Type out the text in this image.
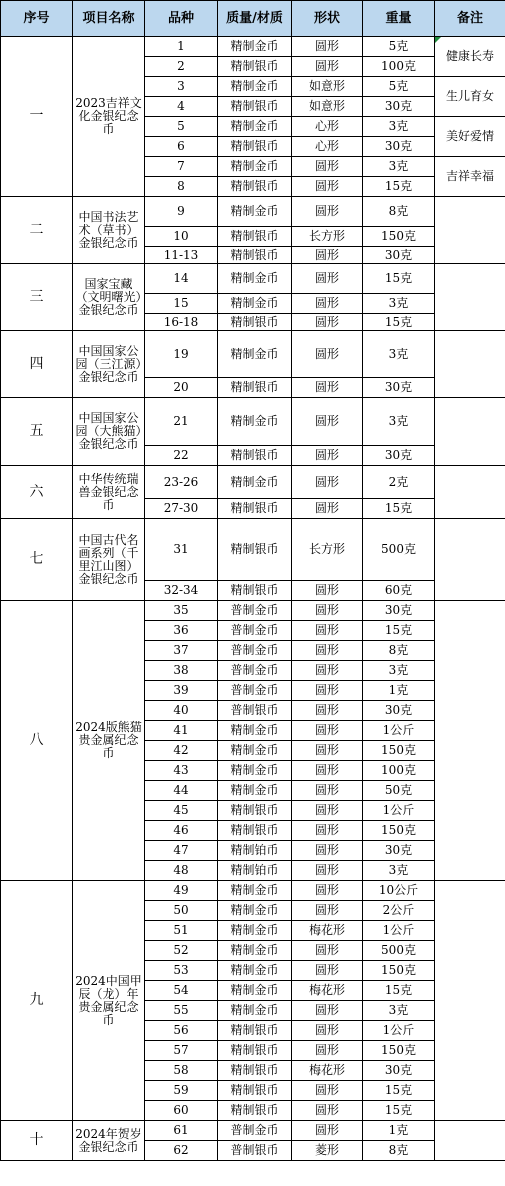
序号	项目名称	品种	质量/材质	形状	重量	备注
一	2023吉祥文化金银纪念币	1	精制金币	圆形	5克	健康长寿
		2	精制银币	圆形	100克	
		3	精制金币	如意形	5克	生儿育女
		4	精制银币	如意形	30克	
		5	精制金币	心形	3克	美好爱情
		6	精制银币	心形	30克	
		7	精制金币	圆形	3克	吉祥幸福
		8	精制银币	圆形	15克	
二	中国书法艺术（草书）金银纪念币	9	精制金币	圆形	8克	
		10	精制银币	长方形	150克	
		11-13	精制银币	圆形	30克	
三	国家宝藏（文明曙光）金银纪念币	14	精制金币	圆形	15克	
		15	精制金币	圆形	3克	
		16-18	精制银币	圆形	15克	
四	中国国家公园（三江源）金银纪念币	19	精制金币	圆形	3克	
		20	精制银币	圆形	30克	
五	中国国家公园（大熊猫）金银纪念币	21	精制金币	圆形	3克	
		22	精制银币	圆形	30克	
六	中华传统瑞兽金银纪念币	23-26	精制金币	圆形	2克	
		27-30	精制银币	圆形	15克	
七	中国古代名画系列（千里江山图）金银纪念币	31	精制银币	长方形	500克	
		32-34	精制银币	圆形	60克	
八	2024版熊猫贵金属纪念币	35	普制金币	圆形	30克	
		36	普制金币	圆形	15克	
		37	普制金币	圆形	8克	
		38	普制金币	圆形	3克	
		39	普制金币	圆形	1克	
		40	普制银币	圆形	30克	
		41	精制金币	圆形	1公斤	
		42	精制金币	圆形	150克	
		43	精制金币	圆形	100克	
		44	精制金币	圆形	50克	
		45	精制银币	圆形	1公斤	
		46	精制银币	圆形	150克	
		47	精制铂币	圆形	30克	
		48	精制铂币	圆形	3克	
九	2024中国甲辰（龙）年贵金属纪念币	49	精制金币	圆形	10公斤	
		50	精制金币	圆形	2公斤	
		51	精制金币	梅花形	1公斤	
		52	精制金币	圆形	500克	
		53	精制金币	圆形	150克	
		54	精制金币	梅花形	15克	
		55	精制金币	圆形	3克	
		56	精制银币	圆形	1公斤	
		57	精制银币	圆形	150克	
		58	精制银币	梅花形	30克	
		59	精制银币	圆形	15克	
		60	精制银币	圆形	15克	
十	2024年贺岁金银纪念币	61	普制金币	圆形	1克	
		62	普制银币	菱形	8克	
